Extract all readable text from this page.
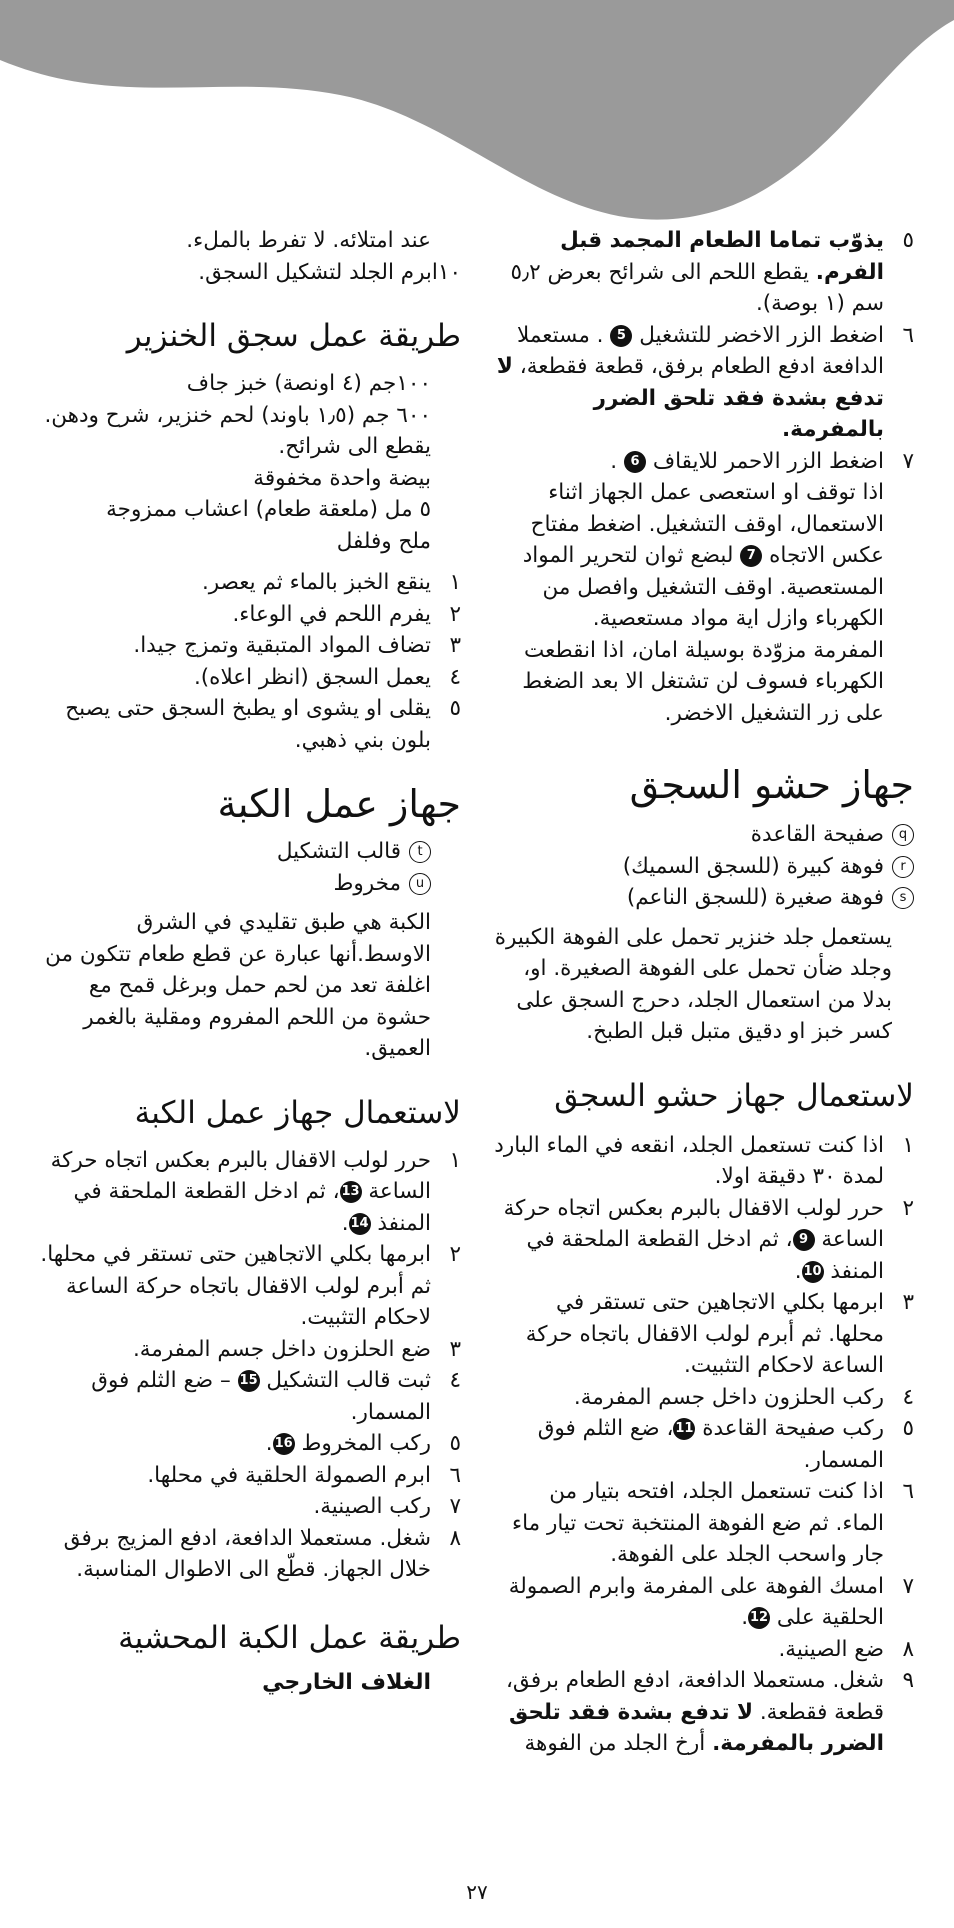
٥
يذوّب تماما الطعام المجمد قبل الفرم. يقطع اللحم الى شرائح بعرض ٥٫٢ سم (١ بوصة).
٦
اضغط الزر الاخضر للتشغيل 5 . مستعملا الدافعة ادفع الطعام برفق، قطعة فقطعة، لا تدفع بشدة فقد تلحق الضرر بالمفرمة.
٧
اضغط الزر الاحمر للايقاف 6 .
اذا توقف او استعصى عمل الجهاز اثناء الاستعمال، اوقف التشغيل. اضغط مفتاح عكس الاتجاه 7 لبضع ثوان لتحرير المواد المستعصية. اوقف التشغيل وافصل من الكهرباء وازل اية مواد مستعصية.
المفرمة مزوّدة بوسيلة امان، اذا انقطعت الكهرباء فسوف لن تشتغل الا بعد الضغط على زر التشغيل الاخضر.
جهاز حشو السجق
qصفيحة القاعدة
rفوهة كبيرة (للسجق السميك)
sفوهة صغيرة (للسجق الناعم)

يستعمل جلد خنزير تحمل على الفوهة الكبيرة وجلد ضأن تحمل على الفوهة الصغيرة. او، بدلا من استعمال الجلد، دحرج السجق على كسر خبز او دقيق متبل قبل الطبخ.

لاستعمال جهاز حشو السجق
١
اذا كنت تستعمل الجلد، انقعه في الماء البارد لمدة ٣٠ دقيقة اولا.
٢
حرر لولب الاقفال بالبرم بعكس اتجاه حركة الساعة 9، ثم ادخل القطعة الملحقة في المنفذ 10.
٣
ابرمها بكلي الاتجاهين حتى تستقر في محلها. ثم أبرم لولب الاقفال باتجاه حركة الساعة لاحكام التثبيت.
٤
ركب الحلزون داخل جسم المفرمة.
٥
ركب صفيحة القاعدة 11، ضع الثلم فوق المسمار.
٦
اذا كنت تستعمل الجلد، افتحه بتيار من الماء. ثم ضع الفوهة المنتخبة تحت تيار ماء جار واسحب الجلد على الفوهة.
٧
امسك الفوهة على المفرمة وابرم الصمولة الحلقية على 12.
٨
ضع الصينية.
٩
شغل. مستعملا الدافعة، ادفع الطعام برفق، قطعة فقطعة. لا تدفع بشدة فقد تلحق الضرر بالمفرمة. أرخ الجلد من الفوهة

عند امتلائه. لا تفرط بالملء.

١٠ابرم الجلد لتشكيل السجق.

طريقة عمل سجق الخنزير

١٠٠جم (٤ اونصة) خبز جاف

٦٠٠ جم (١٫٥ باوند) لحم خنزير، شرح ودهن. يقطع الى شرائح.

بيضة واحدة مخفوقة

٥ مل (ملعقة طعام) اعشاب ممزوجة

ملح وفلفل

١
ينقع الخبز بالماء ثم يعصر.
٢
يفرم اللحم في الوعاء.
٣
تضاف المواد المتبقية وتمزج جيدا.
٤
يعمل السجق (انظر اعلاه).
٥
يقلى او يشوى او يطبخ السجق حتى يصبح بلون بني ذهبي.
جهاز عمل الكبة
tقالب التشكيل
uمخروط

الكبة هي طبق تقليدي في الشرق الاوسط.أنها عبارة عن قطع طعام تتكون من اغلفة تعد من لحم حمل وبرغل قمح مع حشوة من اللحم المفروم ومقلية بالغمر العميق.

لاستعمال جهاز عمل الكبة
١
حرر لولب الاقفال بالبرم بعكس اتجاه حركة الساعة 13، ثم ادخل القطعة الملحقة في المنفذ 14.
٢
ابرمها بكلي الاتجاهين حتى تستقر في محلها. ثم أبرم لولب الاقفال باتجاه حركة الساعة لاحكام التثبيت.
٣
ضع الحلزون داخل جسم المفرمة.
٤
ثبت قالب التشكيل 15 – ضع الثلم فوق المسمار.
٥
ركب المخروط 16.
٦
ابرم الصمولة الحلقية في محلها.
٧
ركب الصينية.
٨
شغل. مستعملا الدافعة، ادفع المزيج برفق خلال الجهاز. قطّع الى الاطوال المناسبة.
طريقة عمل الكبة المحشية
الغلاف الخارجي
٢٧
